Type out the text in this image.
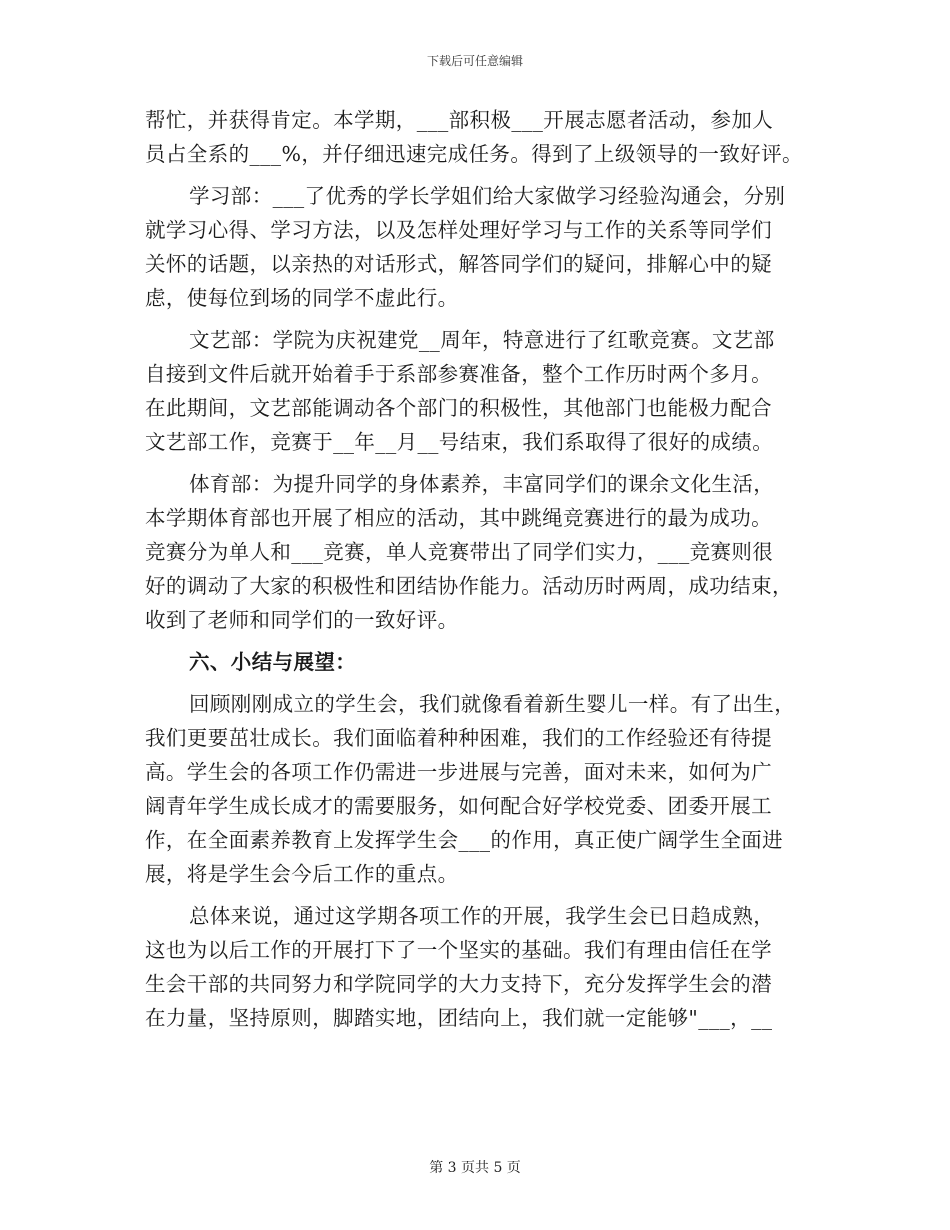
下载后可任意编辑
帮忙，并获得肯定。本学期，___部积极___开展志愿者活动，参加人
员占全系的___%，并仔细迅速完成任务。得到了上级领导的一致好评。
学习部：___了优秀的学长学姐们给大家做学习经验沟通会，分别
就学习心得、学习方法，以及怎样处理好学习与工作的关系等同学们
关怀的话题，以亲热的对话形式，解答同学们的疑问，排解心中的疑
虑，使每位到场的同学不虚此行。
文艺部：学院为庆祝建党__周年，特意进行了红歌竞赛。文艺部
自接到文件后就开始着手于系部参赛准备，整个工作历时两个多月。
在此期间，文艺部能调动各个部门的积极性，其他部门也能极力配合
文艺部工作，竞赛于__年__月__号结束，我们系取得了很好的成绩。
体育部：为提升同学的身体素养，丰富同学们的课余文化生活，
本学期体育部也开展了相应的活动，其中跳绳竞赛进行的最为成功。
竞赛分为单人和___竞赛，单人竞赛带出了同学们实力，___竞赛则很
好的调动了大家的积极性和团结协作能力。活动历时两周，成功结束，
收到了老师和同学们的一致好评。
六、小结与展望：
回顾刚刚成立的学生会，我们就像看着新生婴儿一样。有了出生，
我们更要茁壮成长。我们面临着种种困难，我们的工作经验还有待提
高。学生会的各项工作仍需进一步进展与完善，面对未来，如何为广
阔青年学生成长成才的需要服务，如何配合好学校党委、团委开展工
作，在全面素养教育上发挥学生会___的作用，真正使广阔学生全面进
展，将是学生会今后工作的重点。
总体来说，通过这学期各项工作的开展，我学生会已日趋成熟，
这也为以后工作的开展打下了一个坚实的基础。我们有理由信任在学
生会干部的共同努力和学院同学的大力支持下，充分发挥学生会的潜
在力量，坚持原则，脚踏实地，团结向上，我们就一定能够"___，__
第 3 页共 5 页
